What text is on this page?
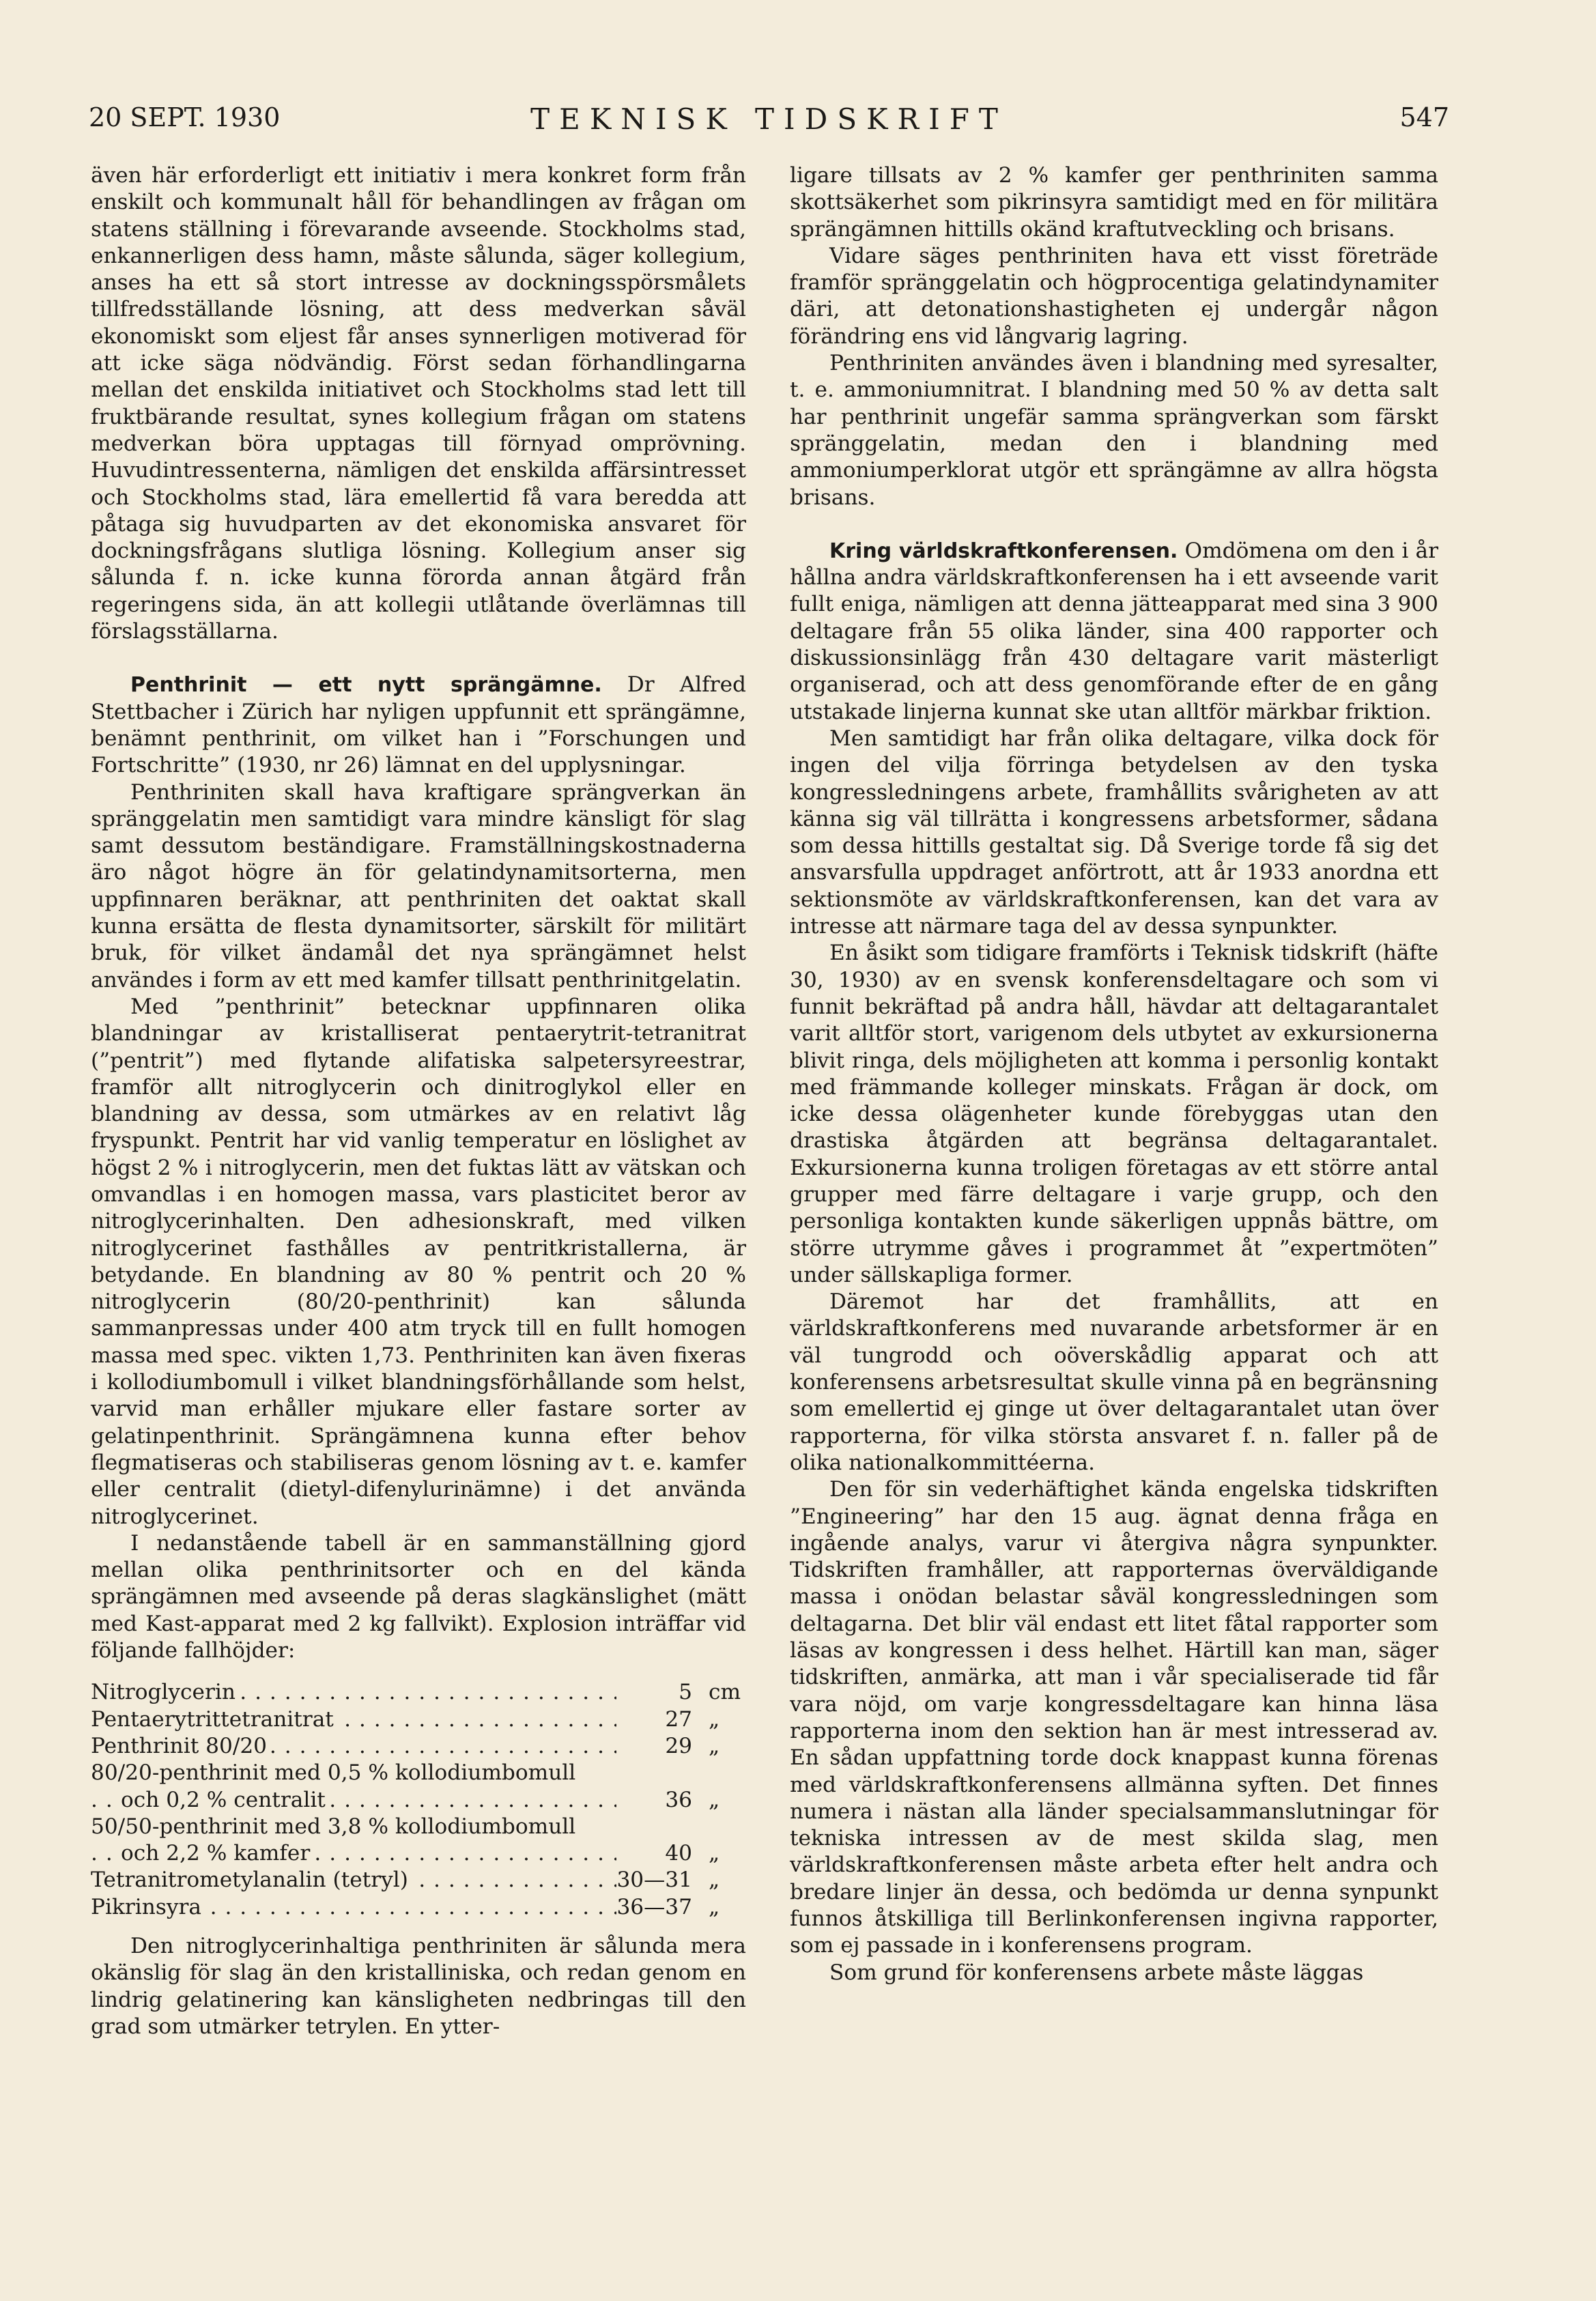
20 SEPT. 1930	TEKNISK TIDSKRIFT	547

även här erforderligt ett initiativ i mera konkret form från enskilt och kommunalt håll för behandlingen av frågan om statens ställning i förevarande avseende. Stockholms stad, enkannerligen dess hamn, måste sålunda, säger kollegium, anses ha ett så stort intresse av dockningsspörsmålets tillfredsställande lösning, att dess medverkan såväl ekonomiskt som eljest får anses synnerligen motiverad för att icke säga nödvändig. Först sedan förhandlingarna mellan det enskilda initiativet och Stockholms stad lett till fruktbärande resultat, synes kollegium frågan om statens medverkan böra upptagas till förnyad omprövning. Huvudintressenterna, nämligen det enskilda affärsintresset och Stockholms stad, lära emellertid få vara beredda att påtaga sig huvudparten av det ekonomiska ansvaret för dockningsfrågans slutliga lösning. Kollegium anser sig sålunda f. n. icke kunna förorda annan åtgärd från regeringens sida, än att kollegii utlåtande överlämnas till förslagsställarna.

Penthrinit — ett nytt sprängämne. Dr Alfred Stettbacher i Zürich har nyligen uppfunnit ett sprängämne, benämnt penthrinit, om vilket han i ”Forschungen und Fortschritte” (1930, nr 26) lämnat en del upplysningar.

Penthriniten skall hava kraftigare sprängverkan än spränggelatin men samtidigt vara mindre känsligt för slag samt dessutom beständigare. Framställningskostnaderna äro något högre än för gelatindynamitsorterna, men uppfinnaren beräknar, att penthriniten det oaktat skall kunna ersätta de flesta dynamitsorter, särskilt för militärt bruk, för vilket ändamål det nya sprängämnet helst användes i form av ett med kamfer tillsatt penthrinitgelatin.

Med ”penthrinit” betecknar uppfinnaren olika blandningar av kristalliserat pentaerytrit-tetranitrat (”pentrit”) med flytande alifatiska salpetersyreestrar, framför allt nitroglycerin och dinitroglykol eller en blandning av dessa, som utmärkes av en relativt låg fryspunkt. Pentrit har vid vanlig temperatur en löslighet av högst 2 % i nitroglycerin, men det fuktas lätt av vätskan och omvandlas i en homogen massa, vars plasticitet beror av nitroglycerinhalten. Den adhesionskraft, med vilken nitroglycerinet fasthålles av pentritkristallerna, är betydande. En blandning av 80 % pentrit och 20 % nitroglycerin (80/20-penthrinit) kan sålunda sammanpressas under 400 atm tryck till en fullt homogen massa med spec. vikten 1,73. Penthriniten kan även fixeras i kollodiumbomull i vilket blandningsförhållande som helst, varvid man erhåller mjukare eller fastare sorter av gelatinpenthrinit. Sprängämnena kunna efter behov flegmatiseras och stabiliseras genom lösning av t. e. kamfer eller centralit (dietyl-difenylurinämne) i det använda nitroglycerinet.

I nedanstående tabell är en sammanställning gjord mellan olika penthrinitsorter och en del kända sprängämnen med avseende på deras slagkänslighet (mätt med Kast-apparat med 2 kg fallvikt). Explosion inträffar vid följande fallhöjder:

Nitroglycerin . . .	5	cm
Pentaerytrittetranitrat . . .	27	„
Penthrinit 80/20 . . .	29	„
80/20-penthrinit med 0,5 % kollodiumbomull		
och 0,2 % centralit . . .	36	„
50/50-penthrinit med 3,8 % kollodiumbomull		
och 2,2 % kamfer . . .	40	„
Tetranitrometylanalin (tetryl) . . .	30—31	„
Pikrinsyra . . .	36—37	„

Den nitroglycerinhaltiga penthriniten är sålunda mera okänslig för slag än den kristalliniska, och redan genom en lindrig gelatinering kan känsligheten nedbringas till den grad som utmärker tetrylen. En ytter-

ligare tillsats av 2 % kamfer ger penthriniten samma skottsäkerhet som pikrinsyra samtidigt med en för militära sprängämnen hittills okänd kraftutveckling och brisans.

Vidare säges penthriniten hava ett visst företräde framför spränggelatin och högprocentiga gelatindynamiter däri, att detonationshastigheten ej undergår någon förändring ens vid långvarig lagring.

Penthriniten användes även i blandning med syresalter, t. e. ammoniumnitrat. I blandning med 50 % av detta salt har penthrinit ungefär samma sprängverkan som färskt spränggelatin, medan den i blandning med ammoniumperklorat utgör ett sprängämne av allra högsta brisans.

Kring världskraftkonferensen. Omdömena om den i år hållna andra världskraftkonferensen ha i ett avseende varit fullt eniga, nämligen att denna jätteapparat med sina 3 900 deltagare från 55 olika länder, sina 400 rapporter och diskussionsinlägg från 430 deltagare varit mästerligt organiserad, och att dess genomförande efter de en gång utstakade linjerna kunnat ske utan alltför märkbar friktion.

Men samtidigt har från olika deltagare, vilka dock för ingen del vilja förringa betydelsen av den tyska kongressledningens arbete, framhållits svårigheten av att känna sig väl tillrätta i kongressens arbetsformer, sådana som dessa hittills gestaltat sig. Då Sverige torde få sig det ansvarsfulla uppdraget anförtrott, att år 1933 anordna ett sektionsmöte av världskraftkonferensen, kan det vara av intresse att närmare taga del av dessa synpunkter.

En åsikt som tidigare framförts i Teknisk tidskrift (häfte 30, 1930) av en svensk konferensdeltagare och som vi funnit bekräftad på andra håll, hävdar att deltagarantalet varit alltför stort, varigenom dels utbytet av exkursionerna blivit ringa, dels möjligheten att komma i personlig kontakt med främmande kolleger minskats. Frågan är dock, om icke dessa olägenheter kunde förebyggas utan den drastiska åtgärden att begränsa deltagarantalet. Exkursionerna kunna troligen företagas av ett större antal grupper med färre deltagare i varje grupp, och den personliga kontakten kunde säkerligen uppnås bättre, om större utrymme gåves i programmet åt ”expertmöten” under sällskapliga former.

Däremot har det framhållits, att en världskraftkonferens med nuvarande arbetsformer är en väl tungrodd och oöverskådlig apparat och att konferensens arbetsresultat skulle vinna på en begränsning som emellertid ej ginge ut över deltagarantalet utan över rapporterna, för vilka största ansvaret f. n. faller på de olika nationalkommittéerna.

Den för sin vederhäftighet kända engelska tidskriften ”Engineering” har den 15 aug. ägnat denna fråga en ingående analys, varur vi återgiva några synpunkter. Tidskriften framhåller, att rapporternas överväldigande massa i onödan belastar såväl kongressledningen som deltagarna. Det blir väl endast ett litet fåtal rapporter som läsas av kongressen i dess helhet. Härtill kan man, säger tidskriften, anmärka, att man i vår specialiserade tid får vara nöjd, om varje kongressdeltagare kan hinna läsa rapporterna inom den sektion han är mest intresserad av. En sådan uppfattning torde dock knappast kunna förenas med världskraftkonferensens allmänna syften. Det finnes numera i nästan alla länder specialsammanslutningar för tekniska intressen av de mest skilda slag, men världskraftkonferensen måste arbeta efter helt andra och bredare linjer än dessa, och bedömda ur denna synpunkt funnos åtskilliga till Berlinkonferensen ingivna rapporter, som ej passade in i konferensens program.

Som grund för konferensens arbete måste läggas
